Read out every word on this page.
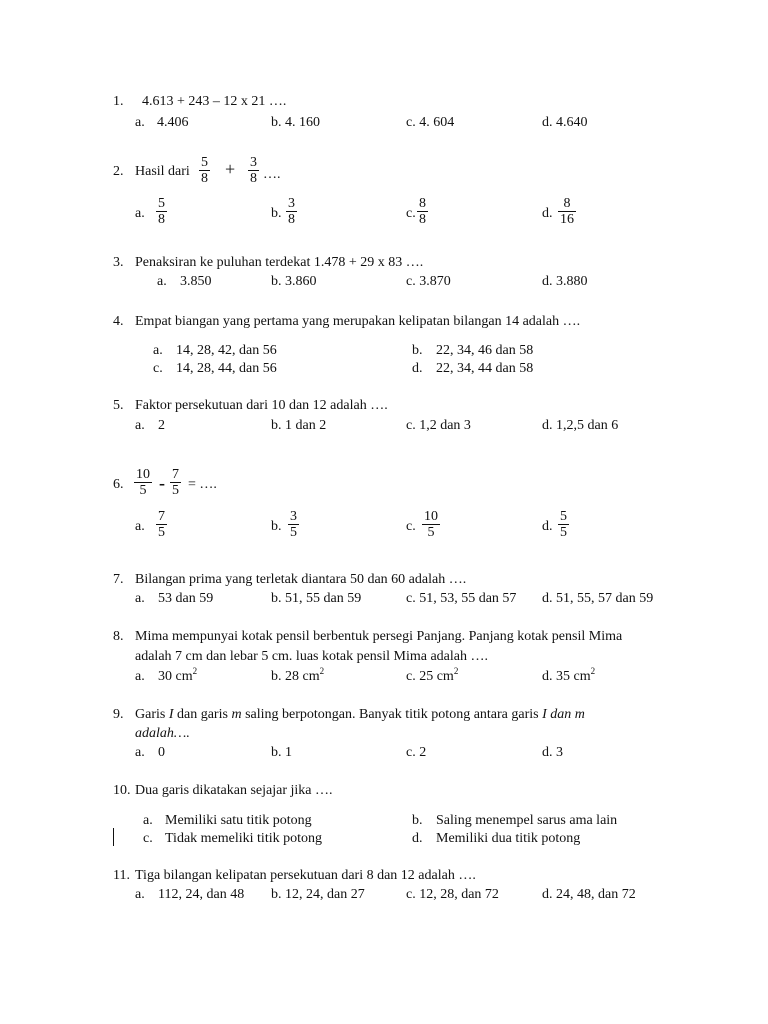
1. 4.613 + 243 – 12 x 21 ….
a. 4.406	b. 4. 160	c. 4. 604	d. 4.640
2. Hasil dari $\frac{5}{8} + \frac{3}{8}$ ….
a. $\frac{5}{8}$	b. $\frac{3}{8}$	c. $\frac{8}{8}$	d. $\frac{8}{16}$
3. Penaksiran ke puluhan terdekat 1.478 + 29 x 83 ….
a. 3.850	b. 3.860	c. 3.870	d. 3.880
4. Empat biangan yang pertama yang merupakan kelipatan bilangan 14 adalah ….
a. 14, 28, 42, dan 56	b. 22, 34, 46 dan 58
c. 14, 28, 44, dan 56	d. 22, 34, 44 dan 58
5. Faktor persekutuan dari 10 dan 12 adalah ….
a. 2	b. 1 dan 2	c. 1,2 dan 3	d. 1,2,5 dan 6
6. $\frac{10}{5} - \frac{7}{5}$ = ….
a. $\frac{7}{5}$	b. $\frac{3}{5}$	c. $\frac{10}{5}$	d. $\frac{5}{5}$
7. Bilangan prima yang terletak diantara 50 dan 60 adalah ….
a. 53 dan 59	b. 51, 55 dan 59	c. 51, 53, 55 dan 57 d. 51, 55, 57 dan 59
8. Mima mempunyai kotak pensil berbentuk persegi Panjang. Panjang kotak pensil Mima
adalah 7 cm dan lebar 5 cm. luas kotak pensil Mima adalah ….
a. 30 $cm^2$	b. 28 $cm^2$	c. 25 $cm^2$	d. 35 $cm^2$
9. Garis I dan garis m saling berpotongan. Banyak titik potong antara garis I dan m
adalah….
a. 0	b. 1	c. 2	d. 3
10. Dua garis dikatakan sejajar jika ….
a. Memiliki satu titik potong	b. Saling menempel sarus ama lain
c. Tidak memeliki titik potong	d. Memiliki dua titik potong
11. Tiga bilangan kelipatan persekutuan dari 8 dan 12 adalah ….
a. 112, 24, dan 48 b. 12, 24, dan 27	c. 12, 28, dan 72	d. 24, 48, dan 72
